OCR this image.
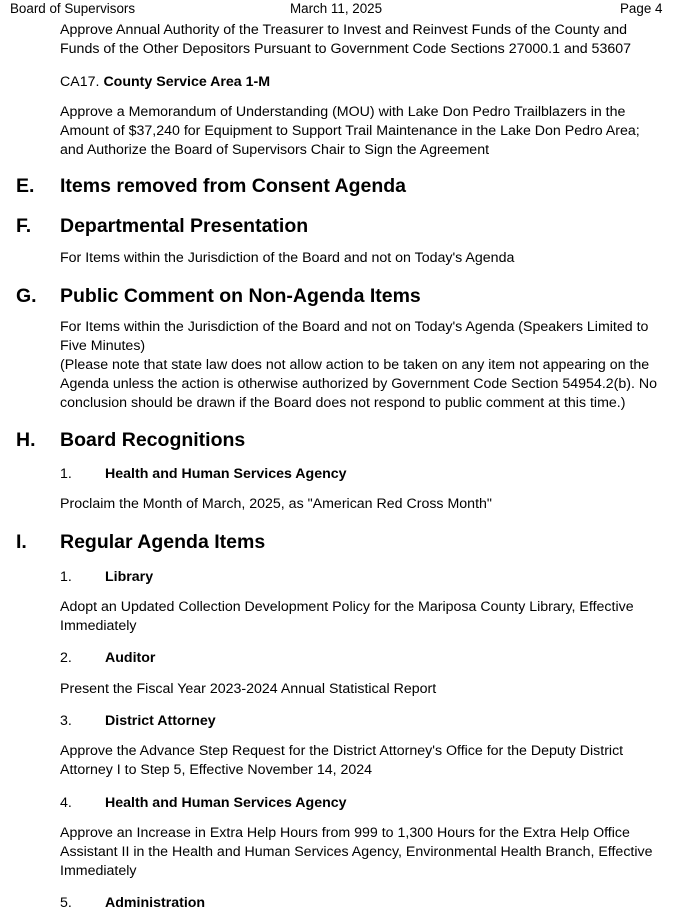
Board of Supervisors	March 11, 2025	Page 4
Approve Annual Authority of the Treasurer to Invest and Reinvest Funds of the County and
Funds of the Other Depositors Pursuant to Government Code Sections 27000.1 and 53607
CA17. County Service Area 1-M
Approve a Memorandum of Understanding (MOU) with Lake Don Pedro Trailblazers in the
Amount of $37,240 for Equipment to Support Trail Maintenance in the Lake Don Pedro Area;
and Authorize the Board of Supervisors Chair to Sign the Agreement
E. Items removed from Consent Agenda
F. Departmental Presentation
For Items within the Jurisdiction of the Board and not on Today's Agenda
G. Public Comment on Non-Agenda Items
For Items within the Jurisdiction of the Board and not on Today's Agenda (Speakers Limited to
Five Minutes)
(Please note that state law does not allow action to be taken on any item not appearing on the
Agenda unless the action is otherwise authorized by Government Code Section 54954.2(b). No
conclusion should be drawn if the Board does not respond to public comment at this time.)
H. Board Recognitions
1. Health and Human Services Agency
Proclaim the Month of March, 2025, as "American Red Cross Month"
I. Regular Agenda Items
1. Library
Adopt an Updated Collection Development Policy for the Mariposa County Library, Effective
Immediately
2. Auditor
Present the Fiscal Year 2023-2024 Annual Statistical Report
3. District Attorney
Approve the Advance Step Request for the District Attorney's Office for the Deputy District
Attorney I to Step 5, Effective November 14, 2024
4. Health and Human Services Agency
Approve an Increase in Extra Help Hours from 999 to 1,300 Hours for the Extra Help Office
Assistant II in the Health and Human Services Agency, Environmental Health Branch, Effective
Immediately
5. Administration
